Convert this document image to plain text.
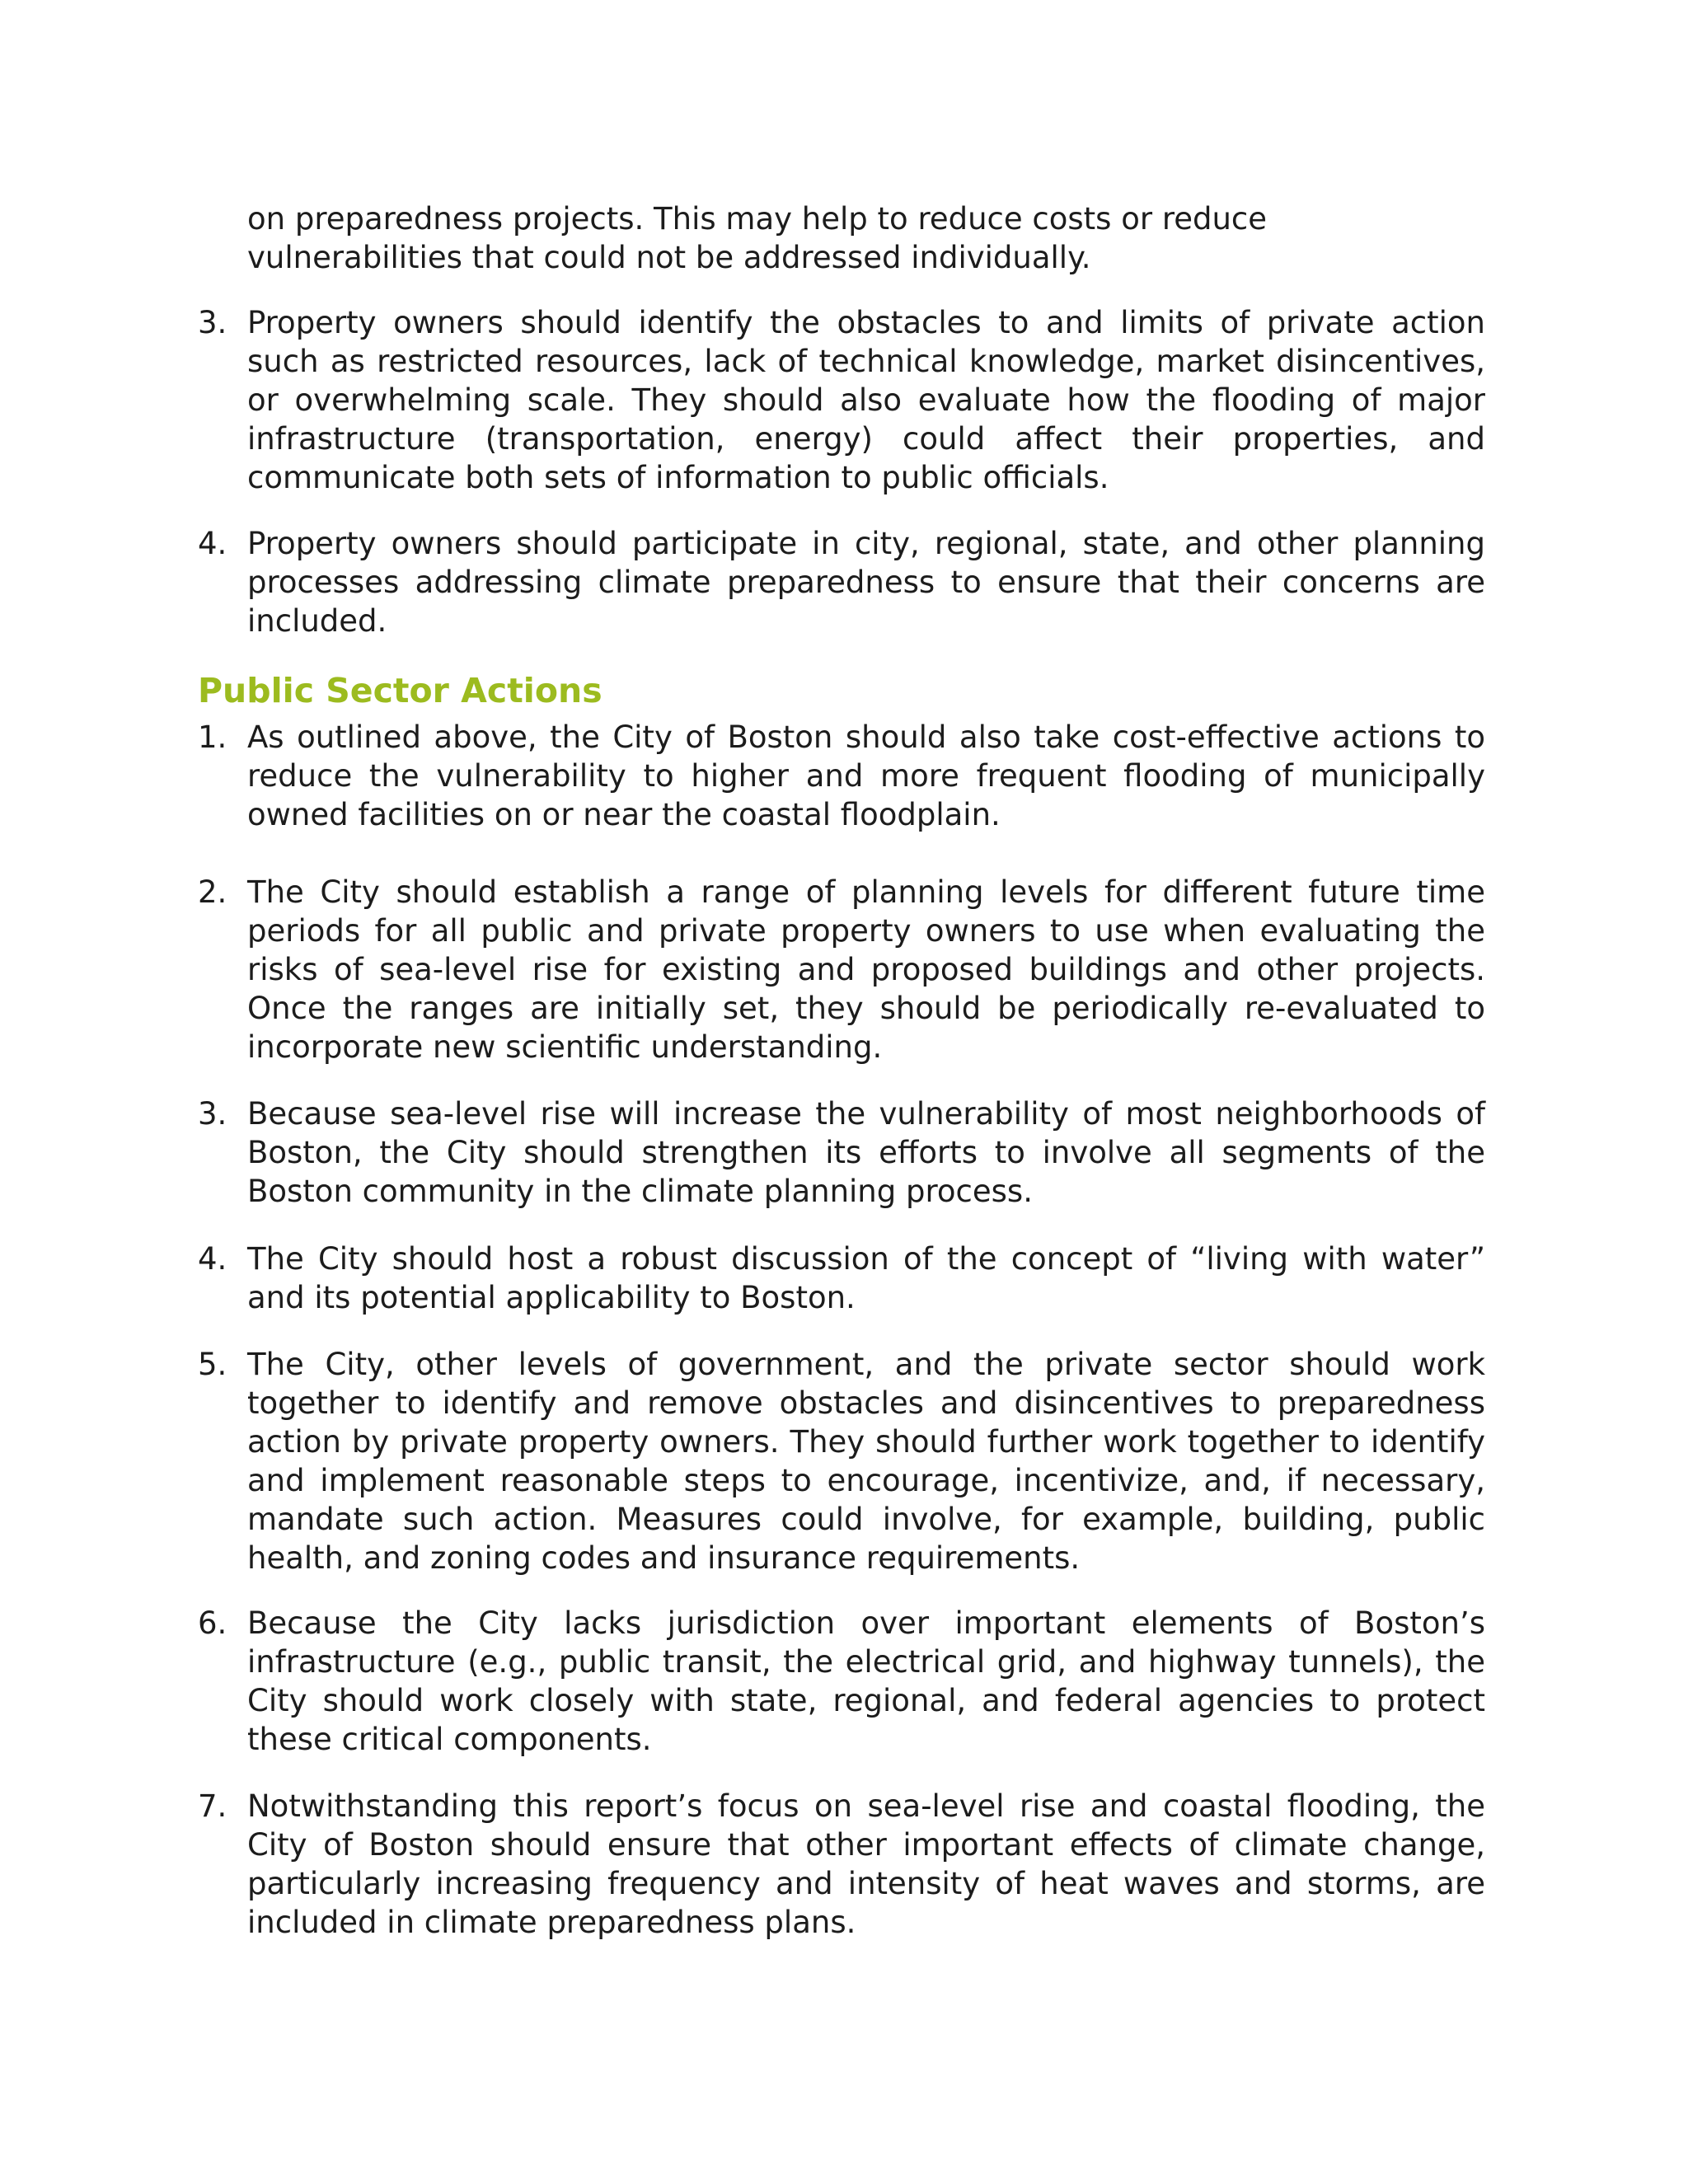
on preparedness projects. This may help to reduce costs or reduce vulnerabilities that could not be addressed individually.
3. Property owners should identify the obstacles to and limits of private action such as restricted resources, lack of technical knowledge, market disincentives, or overwhelming scale. They should also evaluate how the flooding of major infrastructure (transportation, energy) could affect their properties, and communicate both sets of information to public officials.
4. Property owners should participate in city, regional, state, and other planning processes addressing climate preparedness to ensure that their concerns are included.
Public Sector Actions
1. As outlined above, the City of Boston should also take cost-effective actions to reduce the vulnerability to higher and more frequent flooding of municipally owned facilities on or near the coastal floodplain.
2. The City should establish a range of planning levels for different future time periods for all public and private property owners to use when evaluating the risks of sea-level rise for existing and proposed buildings and other projects. Once the ranges are initially set, they should be periodically re-evaluated to incorporate new scientific understanding.
3. Because sea-level rise will increase the vulnerability of most neighborhoods of Boston, the City should strengthen its efforts to involve all segments of the Boston community in the climate planning process.
4. The City should host a robust discussion of the concept of “living with water” and its potential applicability to Boston.
5. The City, other levels of government, and the private sector should work together to identify and remove obstacles and disincentives to preparedness action by private property owners. They should further work together to identify and implement reasonable steps to encourage, incentivize, and, if necessary, mandate such action. Measures could involve, for example, building, public health, and zoning codes and insurance requirements.
6. Because the City lacks jurisdiction over important elements of Boston’s infrastructure (e.g., public transit, the electrical grid, and highway tunnels), the City should work closely with state, regional, and federal agencies to protect these critical components.
7. Notwithstanding this report’s focus on sea-level rise and coastal flooding, the City of Boston should ensure that other important effects of climate change, particularly increasing frequency and intensity of heat waves and storms, are included in climate preparedness plans.
